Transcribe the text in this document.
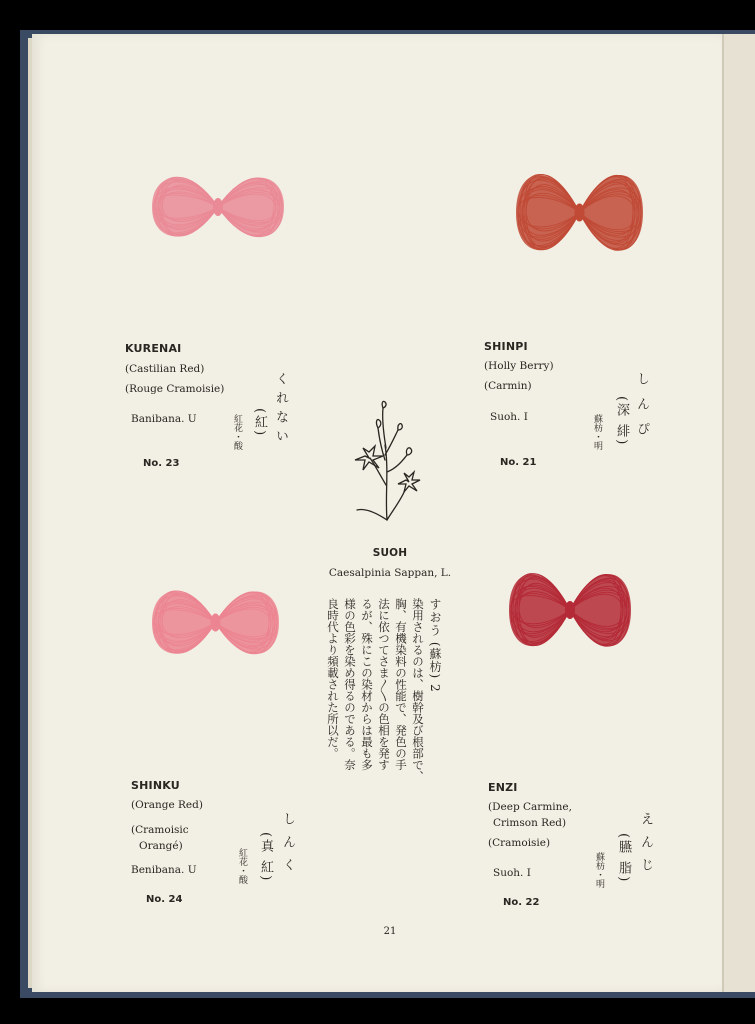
KURENAI
(Castilian Red)
(Rouge Cramoisie)
Banibana. U
No. 23
くれない
(紅)
紅花・酸
SHINPI
(Holly Berry)
(Carmin)
Suoh. I
No. 21
しんぴ
(深 緋)
蘇枋・明
SHINKU
(Orange Red)
(Cramoisic
Orangé)
Benibana. U
No. 24
しんく
(真 紅)
紅花・酸
ENZI
(Deep Carmine,
Crimson Red)
(Cramoisie)
Suoh. I
No. 22
えんじ
(臙 脂)
蘇枋・明
SUOH
Caesalpinia Sappan, L.
すおう (蘇枋) 2
染用されるのは、樹幹及び根部で、
胸、有機染料の性能で、発色の手
法に依つてさま〳〵の色相を発す
るが、殊にこの染材からは最も多
様の色彩を染め得るのである。奈
良時代より頻載された所以だ。
21
